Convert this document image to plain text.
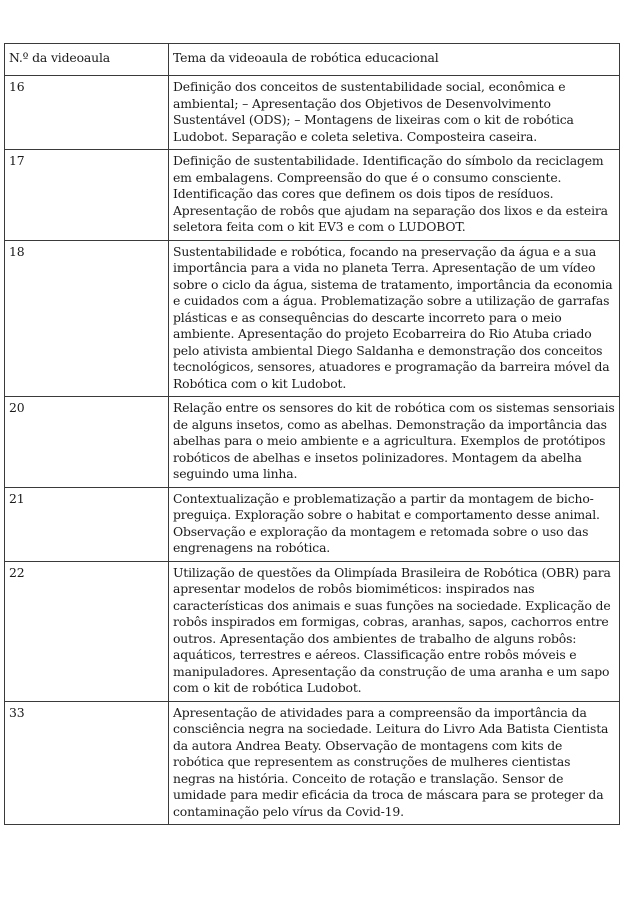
N.º da videoaula	Tema da videoaula de robótica educacional
16	Definição dos conceitos de sustentabilidade social, econômica e ambiental; – Apresentação dos Objetivos de Desenvolvimento Sustentável (ODS); – Montagens de lixeiras com o kit de robótica Ludobot. Separação e coleta seletiva. Composteira caseira.
17	Definição de sustentabilidade. Identificação do símbolo da reciclagem em embalagens. Compreensão do que é o consumo consciente. Identificação das cores que definem os dois tipos de resíduos. Apresentação de robôs que ajudam na separação dos lixos e da esteira seletora feita com o kit EV3 e com o LUDOBOT.
18	Sustentabilidade e robótica, focando na preservação da água e a sua importância para a vida no planeta Terra. Apresentação de um vídeo sobre o ciclo da água, sistema de tratamento, importância da economia e cuidados com a água. Problematização sobre a utilização de garrafas plásticas e as consequências do descarte incorreto para o meio ambiente. Apresentação do projeto Ecobarreira do Rio Atuba criado pelo ativista ambiental Diego Saldanha e demonstração dos conceitos tecnológicos, sensores, atuadores e programação da barreira móvel da Robótica com o kit Ludobot.
20	Relação entre os sensores do kit de robótica com os sistemas sensoriais de alguns insetos, como as abelhas. Demonstração da importância das abelhas para o meio ambiente e a agricultura. Exemplos de protótipos robóticos de abelhas e insetos polinizadores. Montagem da abelha seguindo uma linha.
21	Contextualização e problematização a partir da montagem de bicho-preguiça. Exploração sobre o habitat e comportamento desse animal. Observação e exploração da montagem e retomada sobre o uso das engrenagens na robótica.
22	Utilização de questões da Olimpíada Brasileira de Robótica (OBR) para apresentar modelos de robôs biomiméticos: inspirados nas características dos animais e suas funções na sociedade. Explicação de robôs inspirados em formigas, cobras, aranhas, sapos, cachorros entre outros. Apresentação dos ambientes de trabalho de alguns robôs: aquáticos, terrestres e aéreos. Classificação entre robôs móveis e manipuladores. Apresentação da construção de uma aranha e um sapo com o kit de robótica Ludobot.
33	Apresentação de atividades para a compreensão da importância da consciência negra na sociedade. Leitura do Livro Ada Batista Cientista da autora Andrea Beaty. Observação de montagens com kits de robótica que representem as construções de mulheres cientistas negras na história. Conceito de rotação e translação. Sensor de umidade para medir eficácia da troca de máscara para se proteger da contaminação pelo vírus da Covid-19.
